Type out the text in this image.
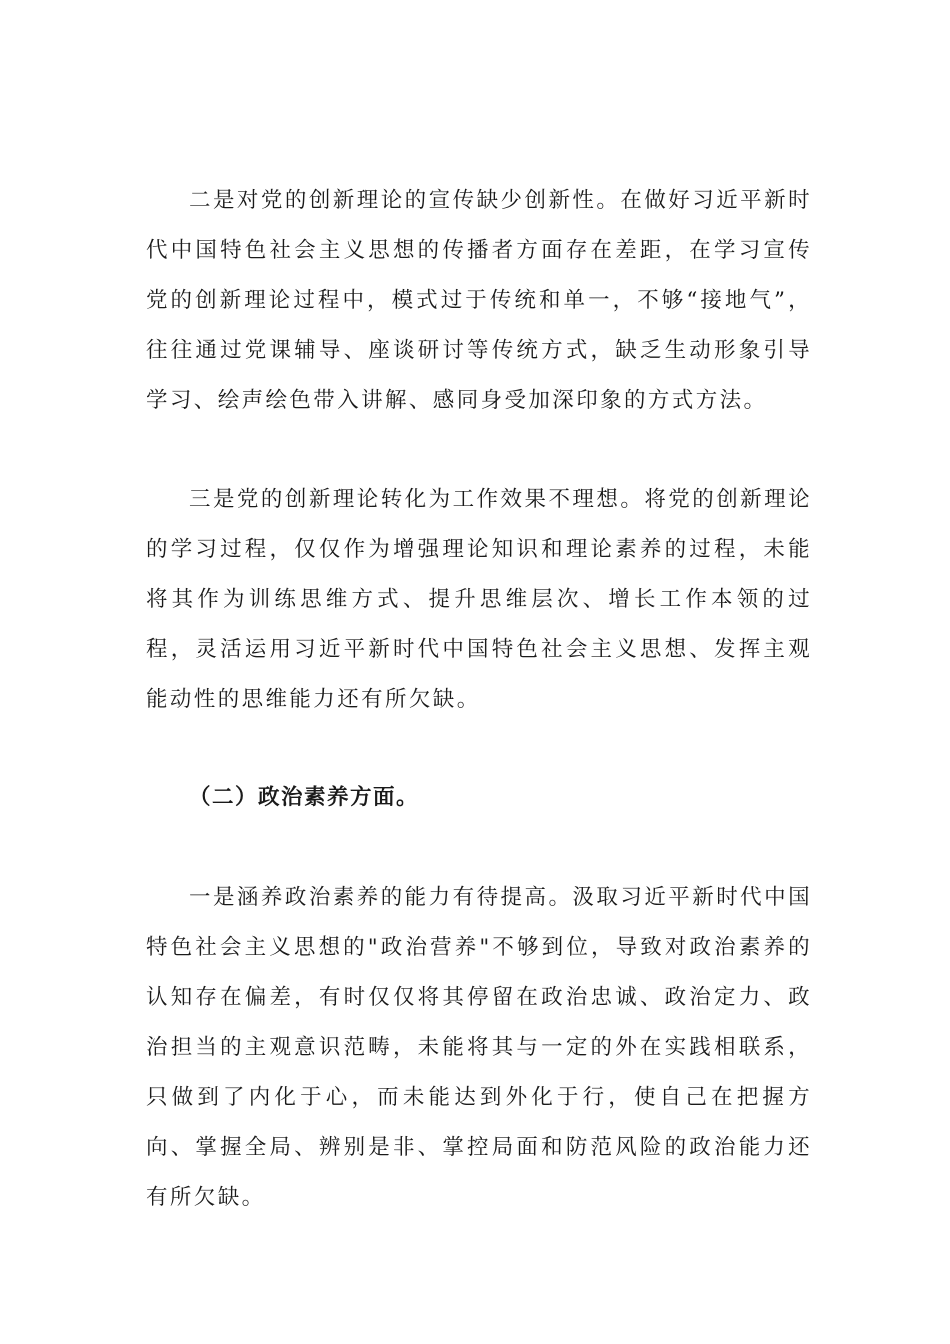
二是对党的创新理论的宣传缺少创新性。在做好习近平新时代中国特色社会主义思想的传播者方面存在差距，在学习宣传党的创新理论过程中，模式过于传统和单一，不够“接地气”，往往通过党课辅导、座谈研讨等传统方式，缺乏生动形象引导学习、绘声绘色带入讲解、感同身受加深印象的方式方法。

三是党的创新理论转化为工作效果不理想。将党的创新理论的学习过程，仅仅作为增强理论知识和理论素养的过程，未能将其作为训练思维方式、提升思维层次、增长工作本领的过程，灵活运用习近平新时代中国特色社会主义思想、发挥主观能动性的思维能力还有所欠缺。

（二）政治素养方面。

一是涵养政治素养的能力有待提高。汲取习近平新时代中国特色社会主义思想的"政治营养"不够到位，导致对政治素养的认知存在偏差，有时仅仅将其停留在政治忠诚、政治定力、政治担当的主观意识范畴，未能将其与一定的外在实践相联系，只做到了内化于心，而未能达到外化于行，使自己在把握方向、掌握全局、辨别是非、掌控局面和防范风险的政治能力还有所欠缺。
